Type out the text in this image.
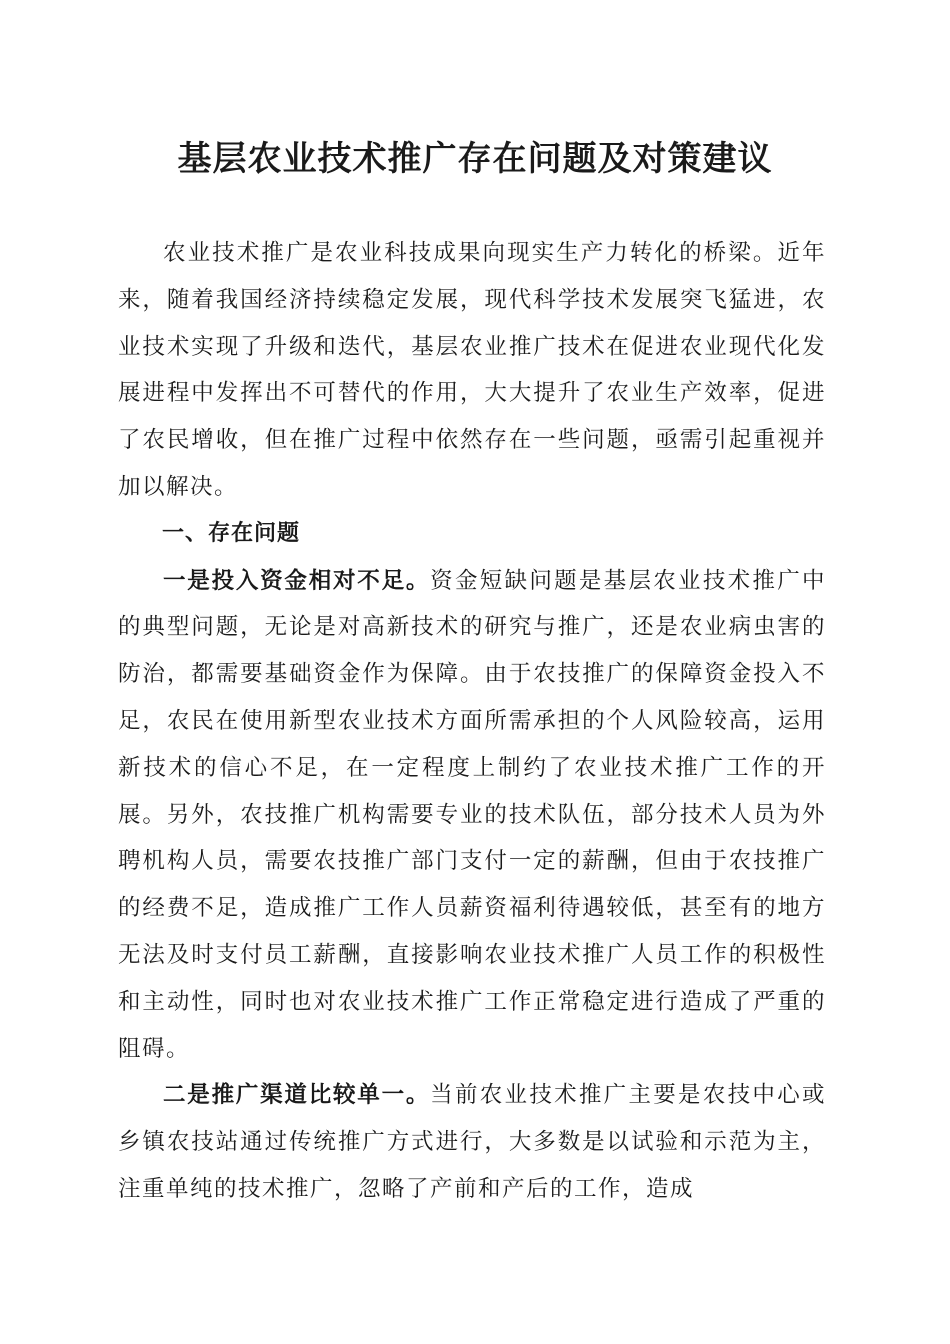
基层农业技术推广存在问题及对策建议

农业技术推广是农业科技成果向现实生产力转化的桥梁。近年来，随着我国经济持续稳定发展，现代科学技术发展突飞猛进，农业技术实现了升级和迭代，基层农业推广技术在促进农业现代化发展进程中发挥出不可替代的作用，大大提升了农业生产效率，促进了农民增收，但在推广过程中依然存在一些问题，亟需引起重视并加以解决。

一、存在问题

一是投入资金相对不足。资金短缺问题是基层农业技术推广中的典型问题，无论是对高新技术的研究与推广，还是农业病虫害的防治，都需要基础资金作为保障。由于农技推广的保障资金投入不足，农民在使用新型农业技术方面所需承担的个人风险较高，运用新技术的信心不足，在一定程度上制约了农业技术推广工作的开展。另外，农技推广机构需要专业的技术队伍，部分技术人员为外聘机构人员，需要农技推广部门支付一定的薪酬，但由于农技推广的经费不足，造成推广工作人员薪资福利待遇较低，甚至有的地方无法及时支付员工薪酬，直接影响农业技术推广人员工作的积极性和主动性，同时也对农业技术推广工作正常稳定进行造成了严重的阻碍。

二是推广渠道比较单一。当前农业技术推广主要是农技中心或乡镇农技站通过传统推广方式进行，大多数是以试验和示范为主，注重单纯的技术推广，忽略了产前和产后的工作，造成
